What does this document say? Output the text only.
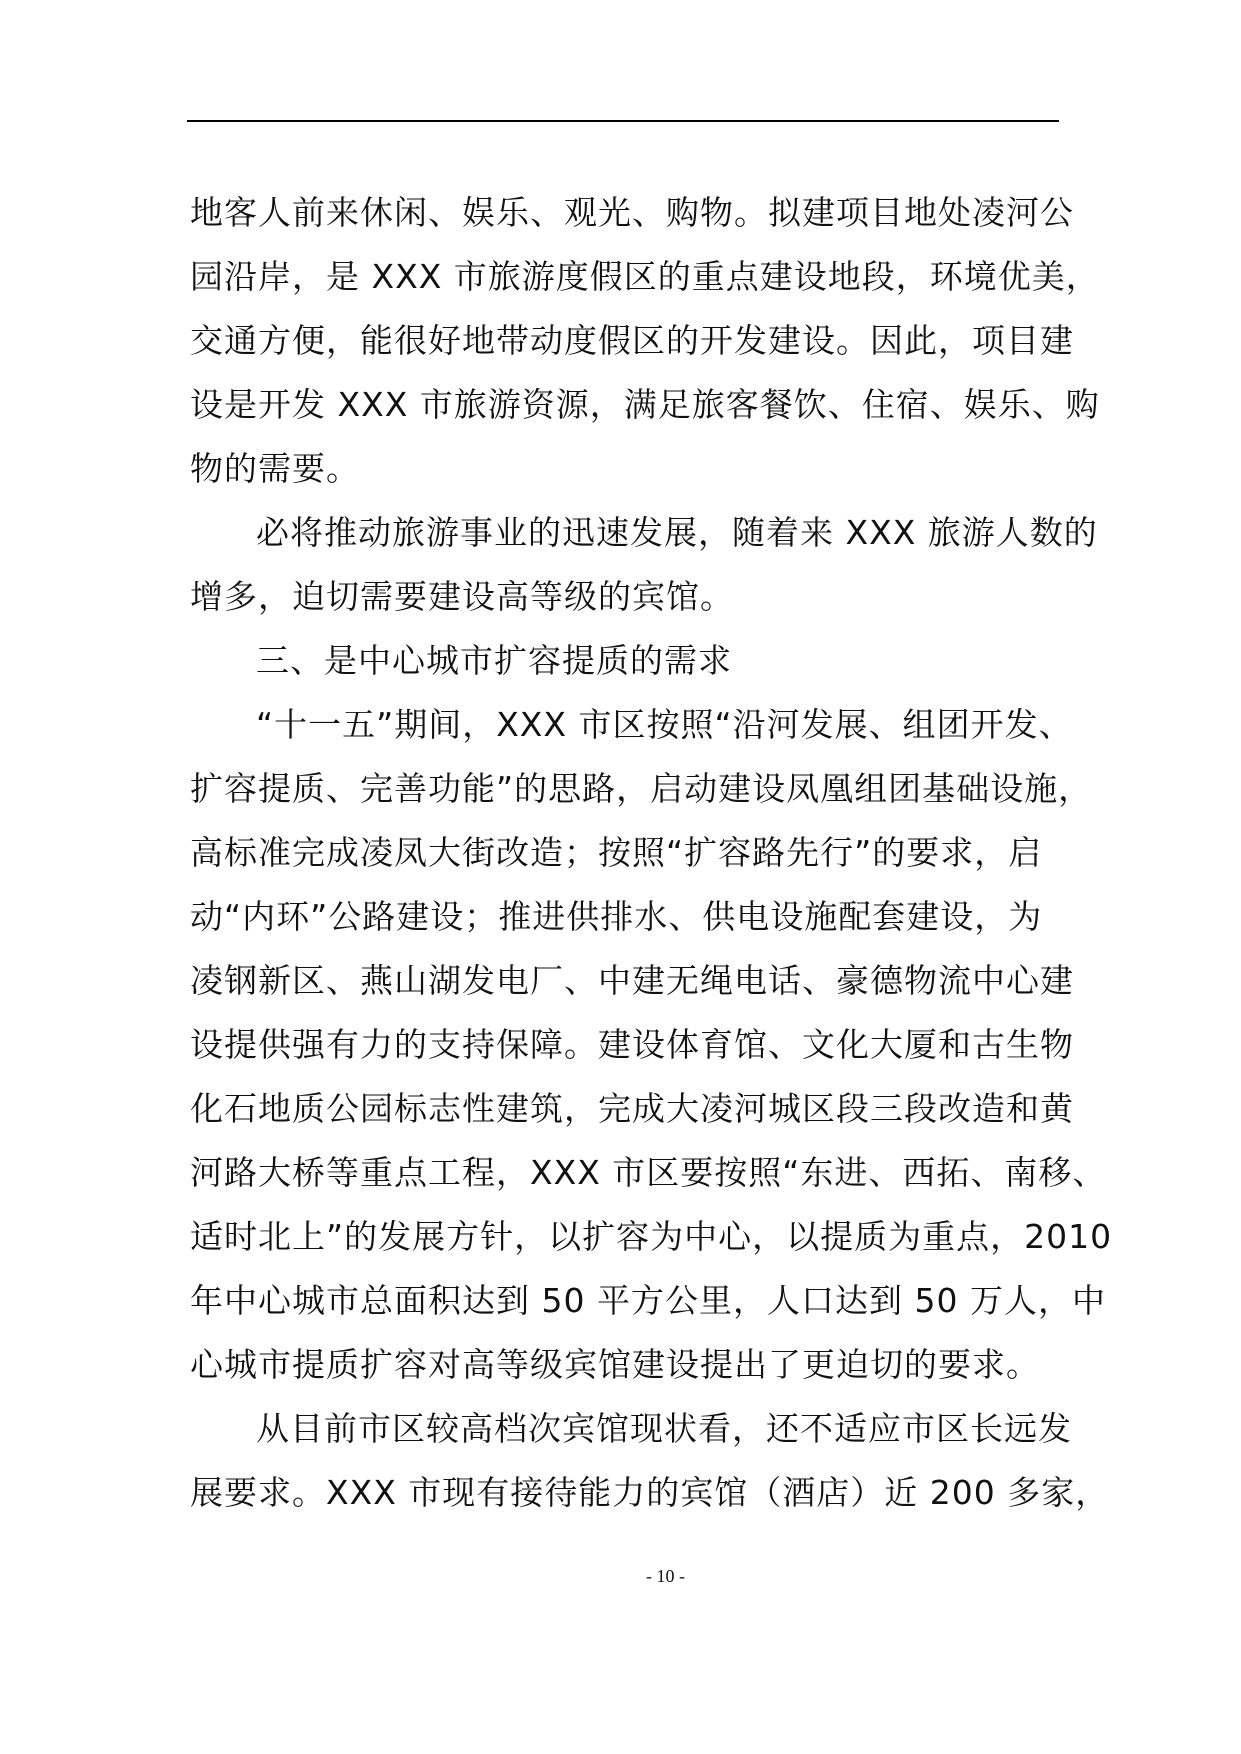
地客人前来休闲、娱乐、观光、购物。拟建项目地处凌河公
园沿岸，是 XXX 市旅游度假区的重点建设地段，环境优美，
交通方便，能很好地带动度假区的开发建设。因此，项目建
设是开发 XXX 市旅游资源，满足旅客餐饮、住宿、娱乐、购
物的需要。
必将推动旅游事业的迅速发展，随着来 XXX 旅游人数的
增多，迫切需要建设高等级的宾馆。
三、是中心城市扩容提质的需求
“十一五”期间，XXX 市区按照“沿河发展、组团开发、
扩容提质、完善功能”的思路，启动建设凤凰组团基础设施，
高标准完成凌凤大街改造；按照“扩容路先行”的要求，启
动“内环”公路建设；推进供排水、供电设施配套建设，为
凌钢新区、燕山湖发电厂、中建无绳电话、豪德物流中心建
设提供强有力的支持保障。建设体育馆、文化大厦和古生物
化石地质公园标志性建筑，完成大凌河城区段三段改造和黄
河路大桥等重点工程，XXX 市区要按照“东进、西拓、南移、
适时北上”的发展方针，以扩容为中心，以提质为重点，2010
年中心城市总面积达到 50 平方公里，人口达到 50 万人，中
心城市提质扩容对高等级宾馆建设提出了更迫切的要求。
从目前市区较高档次宾馆现状看，还不适应市区长远发
展要求。XXX 市现有接待能力的宾馆（酒店）近 200 多家，
- 10 -
